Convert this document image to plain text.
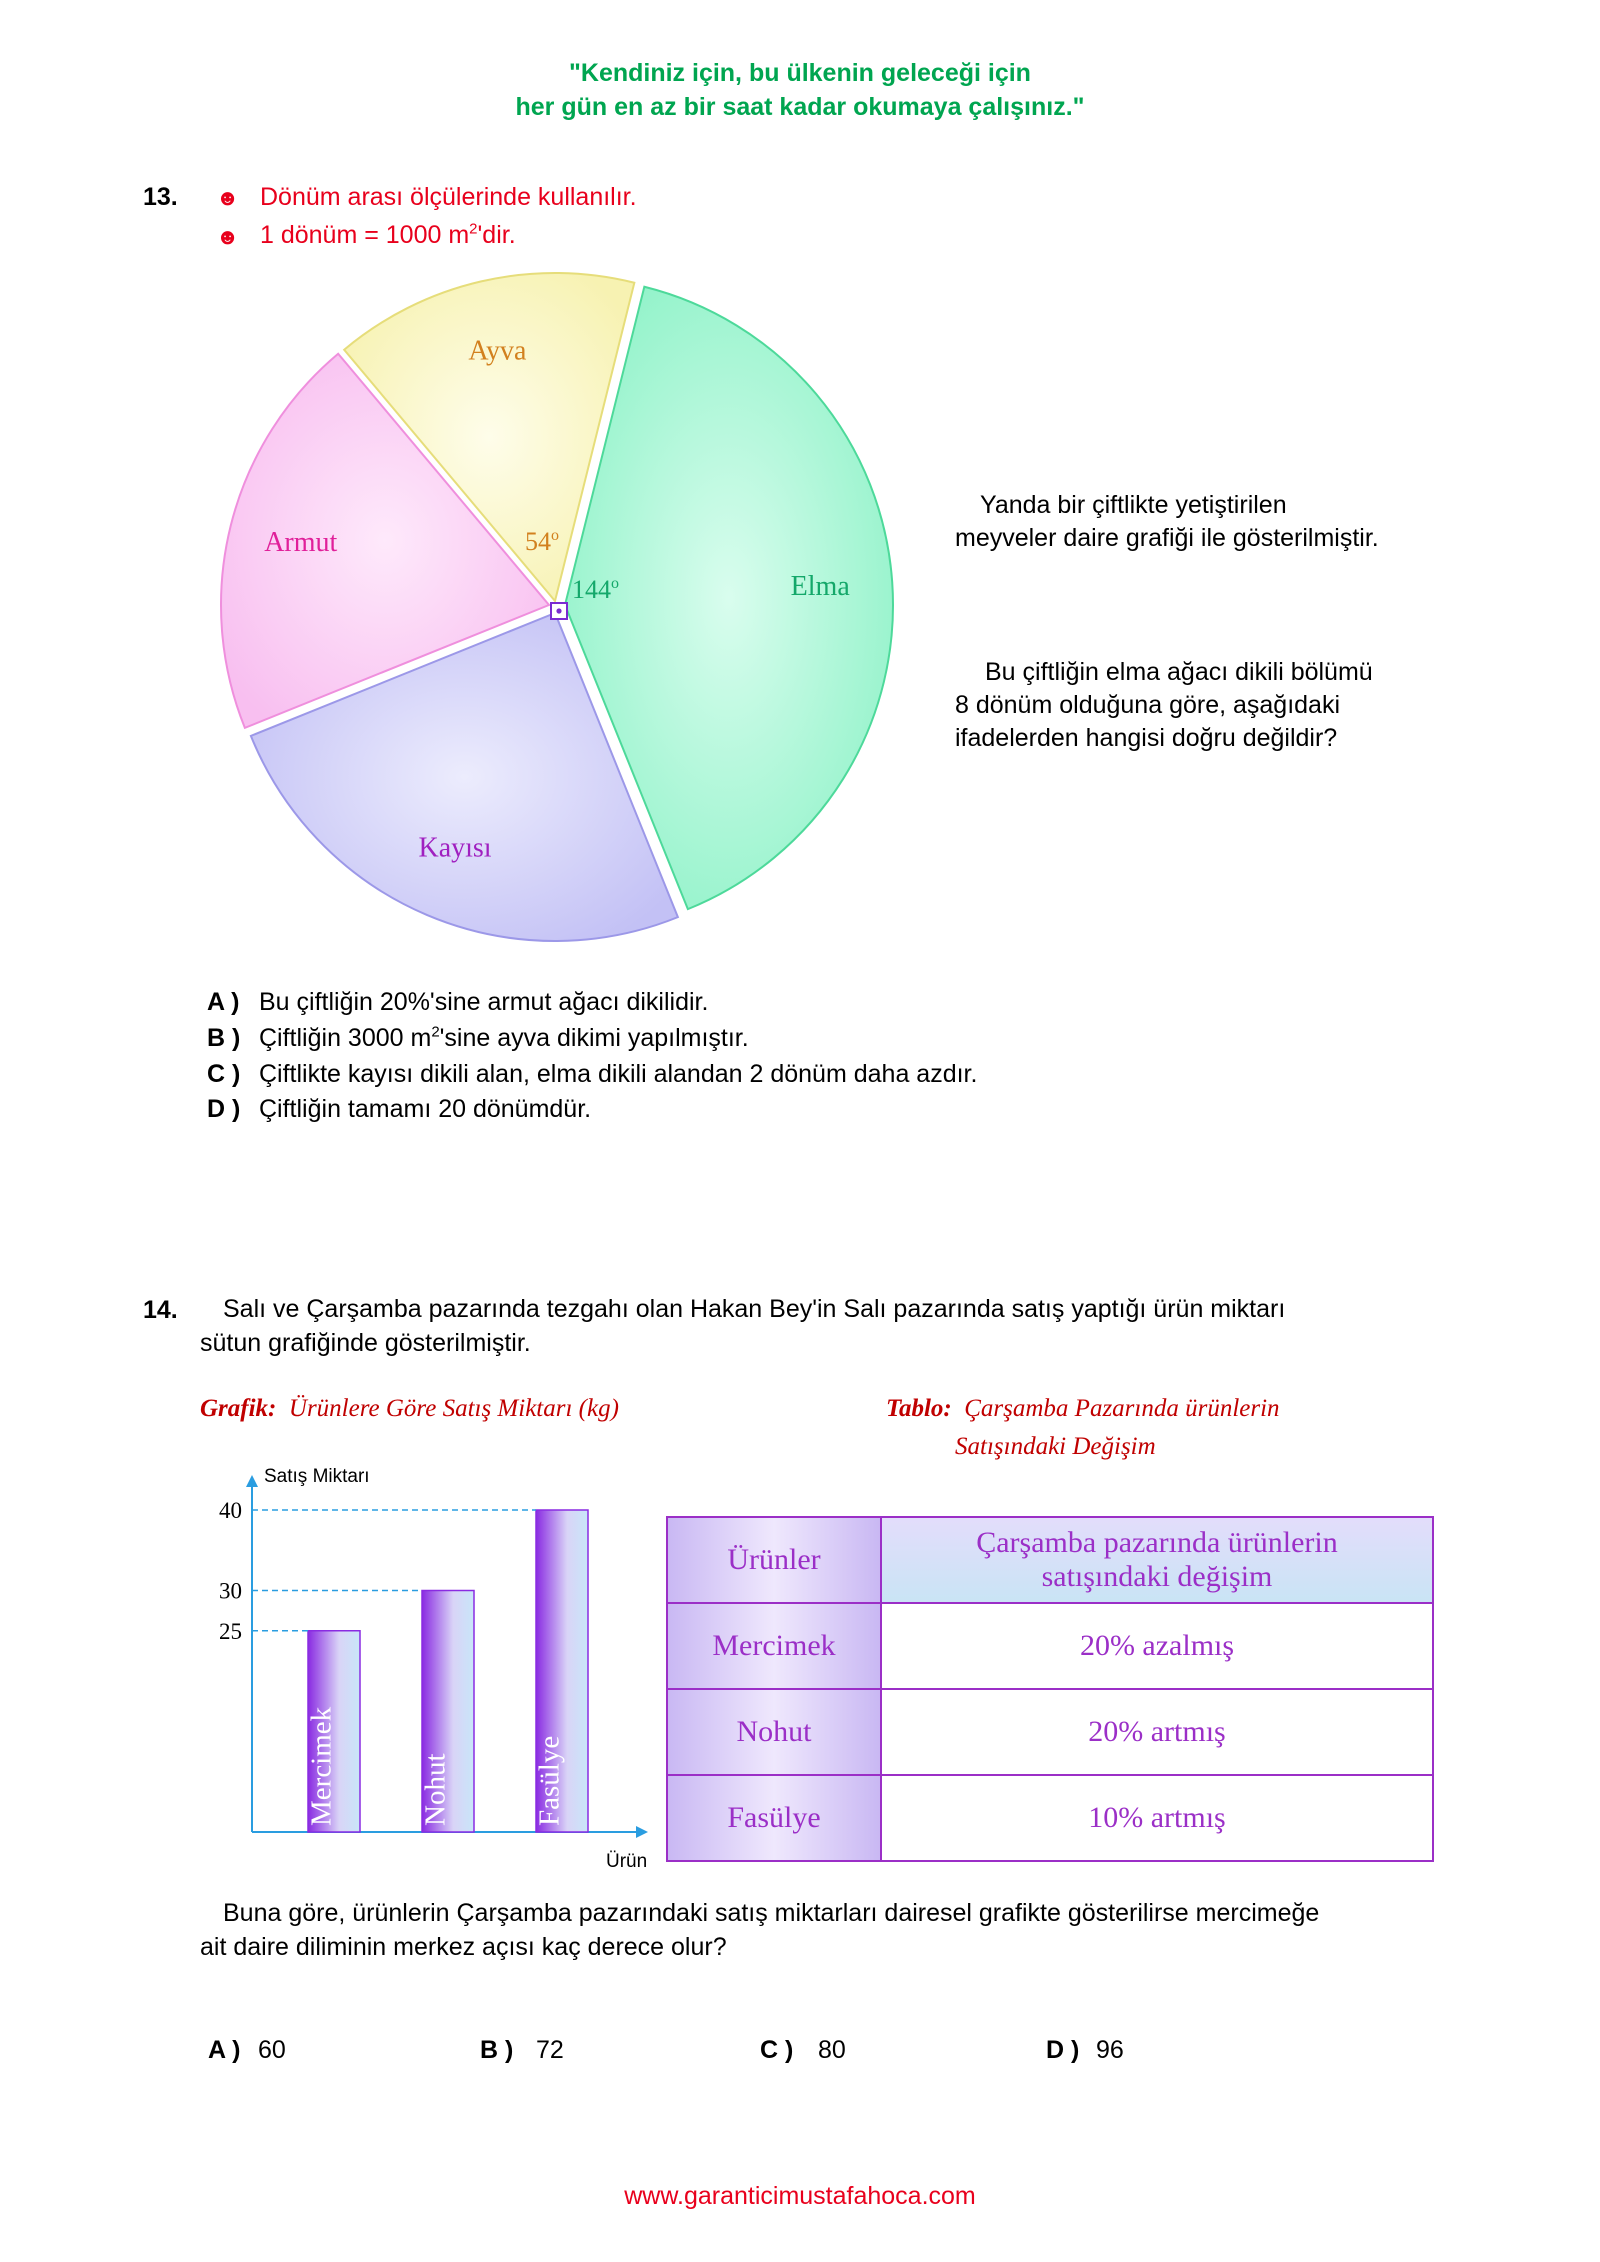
"Kendiniz için, bu ülkenin geleceği için
her gün en az bir saat kadar okumaya çalışınız."
13. ☻ Dönüm arası ölçülerinde kullanılır.
☻ 1 dönüm = 1000 $m^2'dir$.
Elma
Kayısı
Armut
Ayva
54$^o$
144$^o$
Yanda bir çiftlikte yetiştirilen
meyveler daire grafiği ile gösterilmiştir.
Bu çiftliğin elma ağacı dikili bölümü
8 dönüm olduğuna göre, aşağıdaki
ifadelerden hangisi doğru değildir?
A ) Bu çiftliğin 20%'sine armut ağacı dikilidir.
B ) Çiftliğin 3000 $m^2'\sin e$ ayva dikimi yapılmıştır.
C ) Çiftlikte kayısı dikili alan, elma dikili alandan 2 dönüm daha azdır.
D ) Çiftliğin tamamı 20 dönümdür.
14. Salı ve Çarşamba pazarında tezgahı olan Hakan Bey'in Salı pazarında satış yaptığı ürün miktarı
sütun grafiğinde gösterilmiştir.
Grafik: Ürünlere Göre Satış Miktarı (kg)	Tablo: Çarşamba Pazarında ürünlerin
Satışındaki Değişim
Satış Miktarı
Ürün
Mercimek	Nohut	Fasülye
25
30
40
Ürünler	Çarşamba pazarında ürünlerin
satışındaki değişim

Mercimek	20% azalmış
Nohut	20% artmış
Fasülye	10% artmış
Buna göre, ürünlerin Çarşamba pazarındaki satış miktarları dairesel grafikte gösterilirse mercimeğe
ait daire diliminin merkez açısı kaç derece olur?
A ) 60	B ) 72	C ) 80	D ) 96
www.garanticimustafahoca.com
